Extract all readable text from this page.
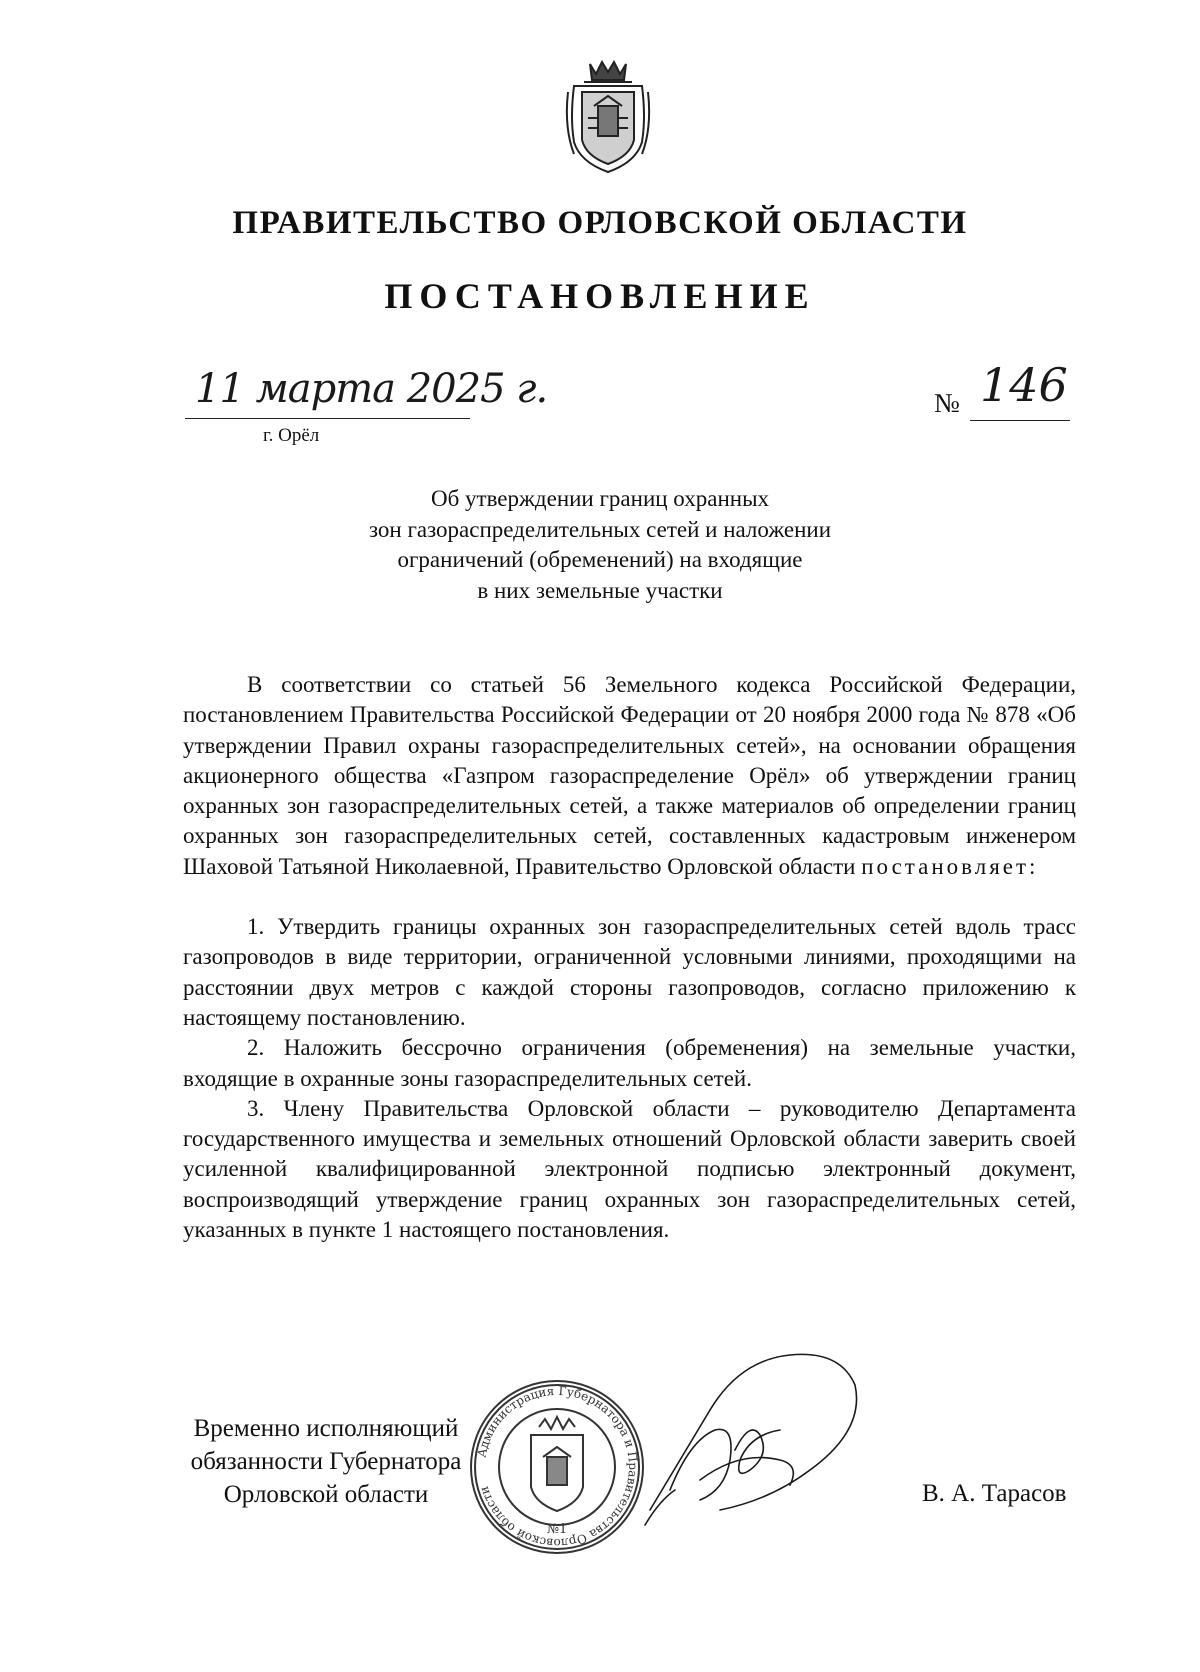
ПРАВИТЕЛЬСТВО ОРЛОВСКОЙ ОБЛАСТИ
ПОСТАНОВЛЕНИЕ
11 марта 2025 г.
г. Орёл
№ 146
Об утверждении границ охранных
зон газораспределительных сетей и наложении
ограничений (обременений) на входящие
в них земельные участки

В соответствии со статьей 56 Земельного кодекса Российской Федерации, постановлением Правительства Российской Федерации от 20 ноября 2000 года № 878 «Об утверждении Правил охраны газораспределительных сетей», на основании обращения акционерного общества «Газпром газораспределение Орёл» об утверждении границ охранных зон газораспределительных сетей, а также материалов об определении границ охранных зон газораспределительных сетей, составленных кадастровым инженером Шаховой Татьяной Николаевной, Правительство Орловской области постановляет:

1. Утвердить границы охранных зон газораспределительных сетей вдоль трасс газопроводов в виде территории, ограниченной условными линиями, проходящими на расстоянии двух метров с каждой стороны газопроводов, согласно приложению к настоящему постановлению.

2. Наложить бессрочно ограничения (обременения) на земельные участки, входящие в охранные зоны газораспределительных сетей.

3. Члену Правительства Орловской области – руководителю Департамента государственного имущества и земельных отношений Орловской области заверить своей усиленной квалифицированной электронной подписью электронный документ, воспроизводящий утверждение границ охранных зон газораспределительных сетей, указанных в пункте 1 настоящего постановления.

Временно исполняющий
обязанности Губернатора
Орловской области
Администрация Губернатора и Правительства Орловской области
№1
В. А. Тарасов
